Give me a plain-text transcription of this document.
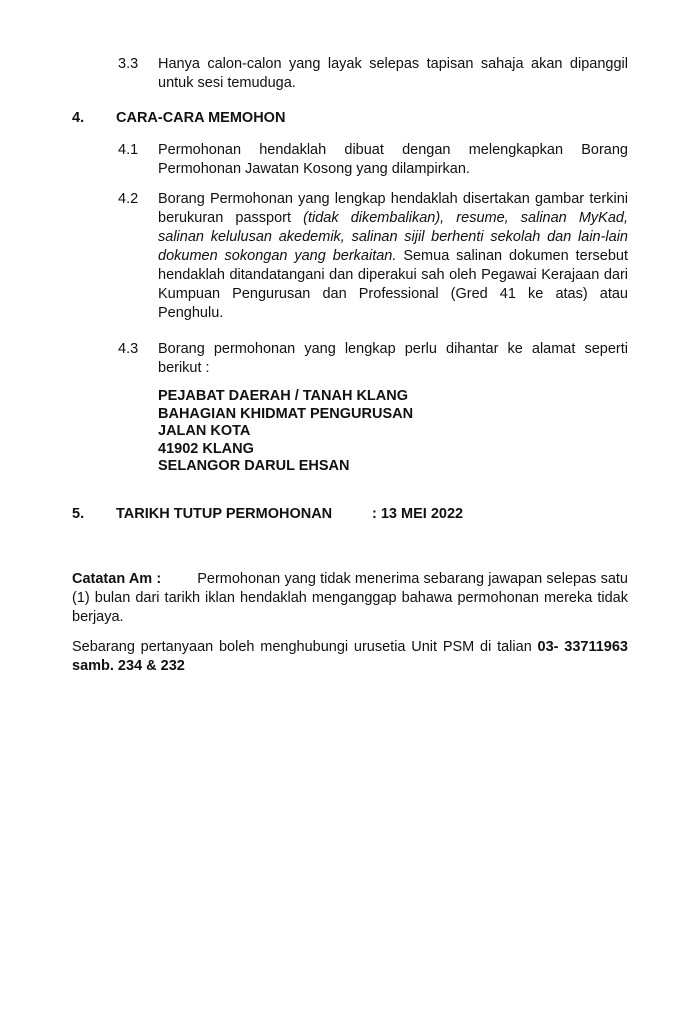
3.3 Hanya calon-calon yang layak selepas tapisan sahaja akan dipanggil untuk sesi temuduga.
4. CARA-CARA MEMOHON
4.1 Permohonan hendaklah dibuat dengan melengkapkan Borang Permohonan Jawatan Kosong yang dilampirkan.
4.2 Borang Permohonan yang lengkap hendaklah disertakan gambar terkini berukuran passport (tidak dikembalikan), resume, salinan MyKad, salinan kelulusan akedemik, salinan sijil berhenti sekolah dan lain-lain dokumen sokongan yang berkaitan. Semua salinan dokumen tersebut hendaklah ditandatangani dan diperakui sah oleh Pegawai Kerajaan dari Kumpuan Pengurusan dan Professional (Gred 41 ke atas) atau Penghulu.
4.3 Borang permohonan yang lengkap perlu dihantar ke alamat seperti berikut :
PEJABAT DAERAH / TANAH KLANG
BAHAGIAN KHIDMAT PENGURUSAN
JALAN KOTA
41902 KLANG
SELANGOR DARUL EHSAN
5. TARIKH TUTUP PERMOHONAN	: 13 MEI 2022
Catatan Am : Permohonan yang tidak menerima sebarang jawapan selepas satu (1) bulan dari tarikh iklan hendaklah menganggap bahawa permohonan mereka tidak berjaya.
Sebarang pertanyaan boleh menghubungi urusetia Unit PSM di talian 03- 33711963 samb. 234 & 232
